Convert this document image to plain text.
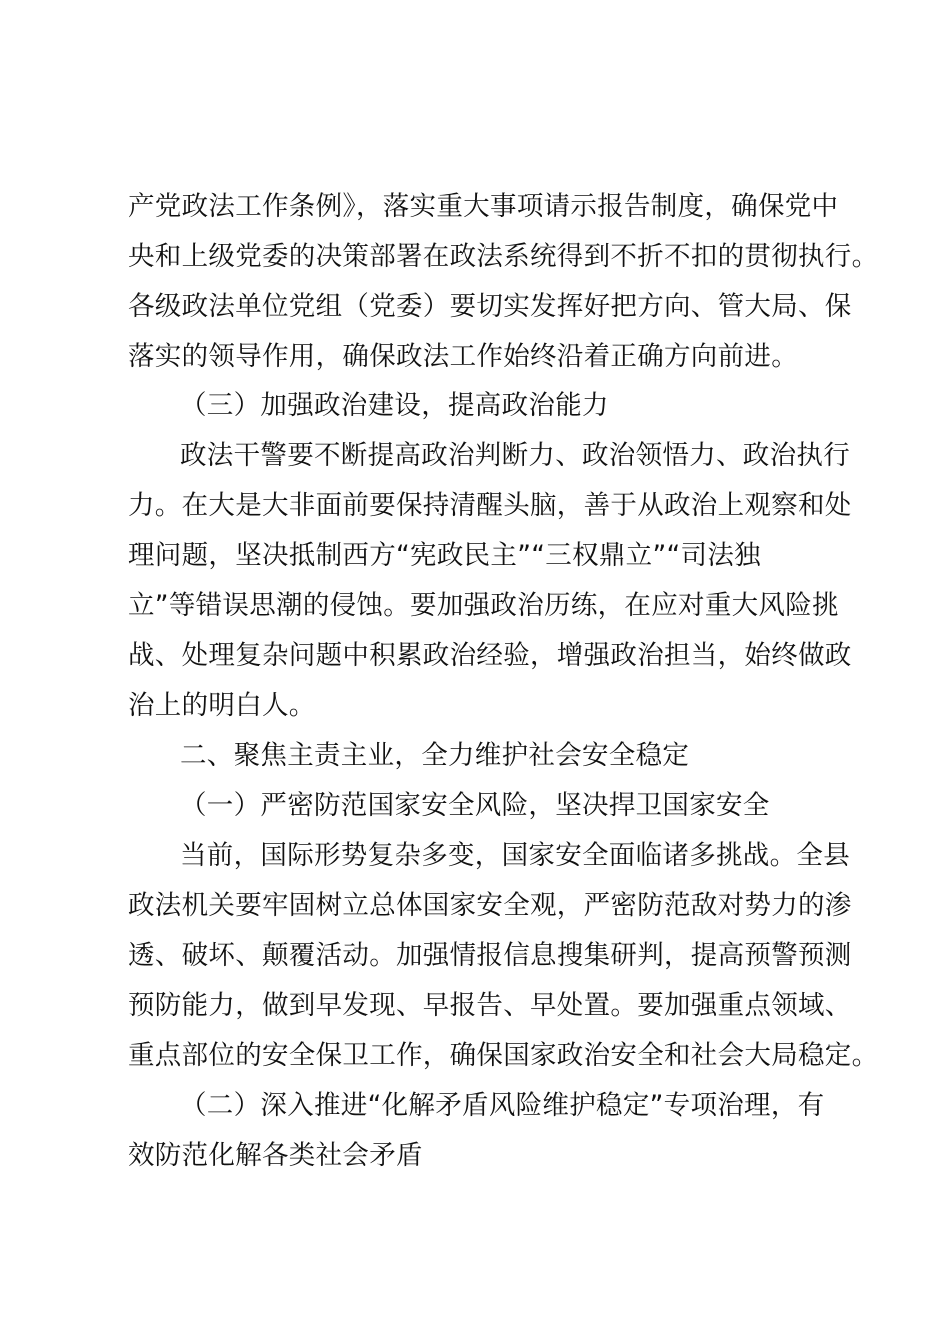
产党政法工作条例》，落实重大事项请示报告制度，确保党中
央和上级党委的决策部署在政法系统得到不折不扣的贯彻执行。
各级政法单位党组（党委）要切实发挥好把方向、管大局、保
落实的领导作用，确保政法工作始终沿着正确方向前进。
（三）加强政治建设，提高政治能力
政法干警要不断提高政治判断力、政治领悟力、政治执行
力。在大是大非面前要保持清醒头脑，善于从政治上观察和处
理问题，坚决抵制西方“宪政民主”“三权鼎立”“司法独
立”等错误思潮的侵蚀。要加强政治历练，在应对重大风险挑
战、处理复杂问题中积累政治经验，增强政治担当，始终做政
治上的明白人。
二、聚焦主责主业，全力维护社会安全稳定
（一）严密防范国家安全风险，坚决捍卫国家安全
当前，国际形势复杂多变，国家安全面临诸多挑战。全县
政法机关要牢固树立总体国家安全观，严密防范敌对势力的渗
透、破坏、颠覆活动。加强情报信息搜集研判，提高预警预测
预防能力，做到早发现、早报告、早处置。要加强重点领域、
重点部位的安全保卫工作，确保国家政治安全和社会大局稳定。
（二）深入推进“化解矛盾风险维护稳定”专项治理，有
效防范化解各类社会矛盾
